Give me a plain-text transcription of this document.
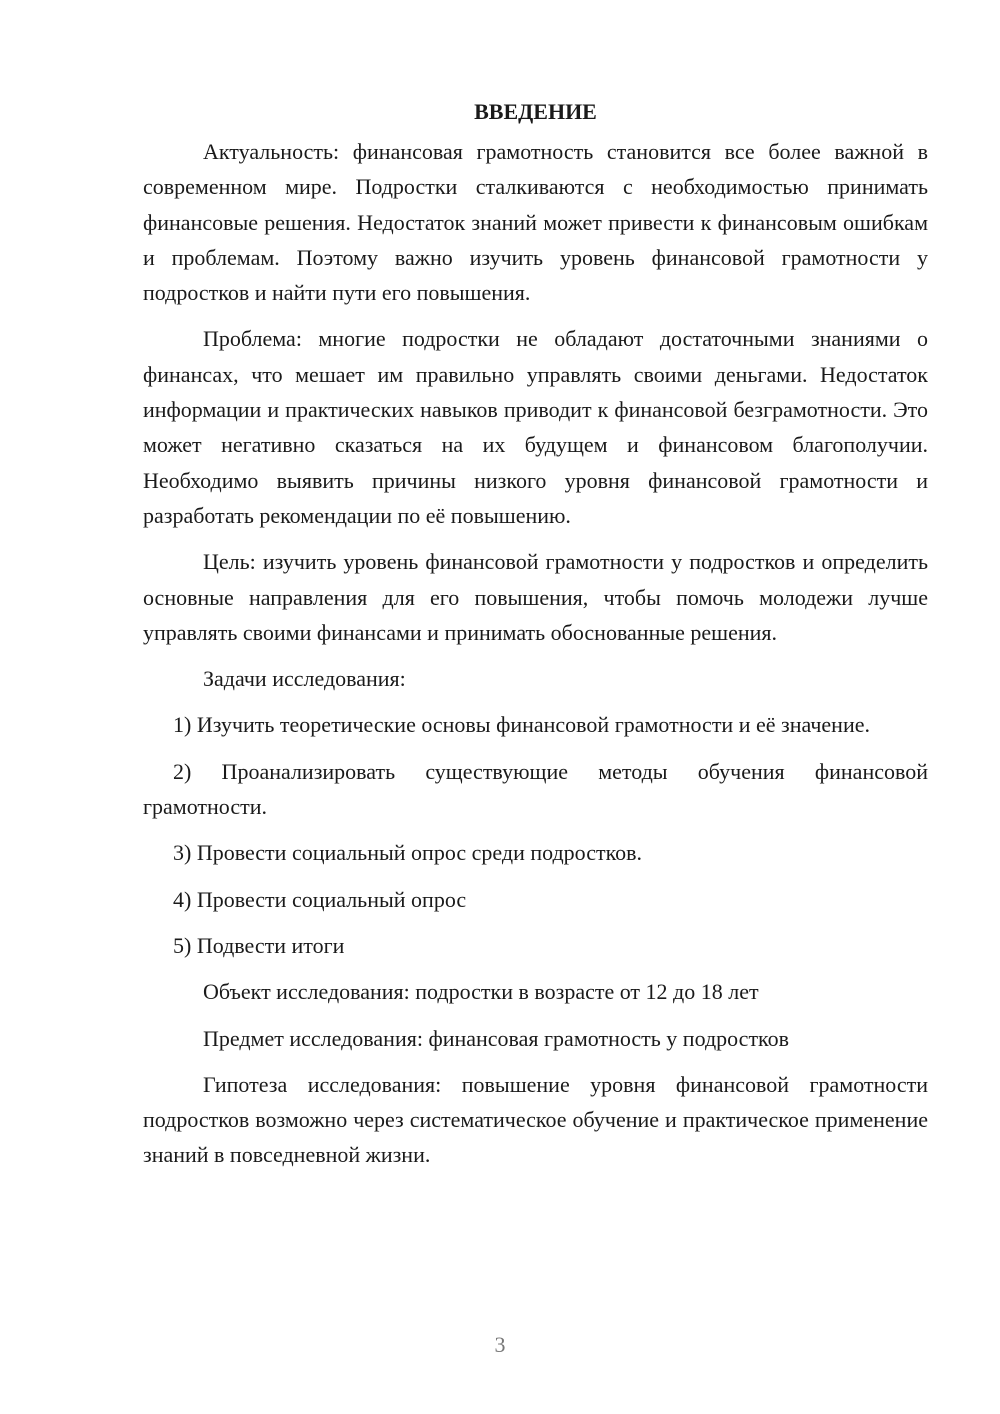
ВВЕДЕНИЕ

Актуальность: финансовая грамотность становится все более важной в современном мире. Подростки сталкиваются с необходимостью принимать финансовые решения. Недостаток знаний может привести к финансовым ошибкам и проблемам. Поэтому важно изучить уровень финансовой грамотности у подростков и найти пути его повышения.

Проблема: многие подростки не обладают достаточными знаниями о финансах, что мешает им правильно управлять своими деньгами. Недостаток информации и практических навыков приводит к финансовой безграмотности. Это может негативно сказаться на их будущем и финансовом благополучии. Необходимо выявить причины низкого уровня финансовой грамотности и разработать рекомендации по её повышению.

Цель: изучить уровень финансовой грамотности у подростков и определить основные направления для его повышения, чтобы помочь молодежи лучше управлять своими финансами и принимать обоснованные решения.

Задачи исследования:

1) Изучить теоретические основы финансовой грамотности и её значение.

2) Проанализировать существующие методы обучения финансовой грамотности.

3) Провести социальный опрос среди подростков.

4) Провести социальный опрос

5) Подвести итоги

Объект исследования: подростки в возрасте от 12 до 18 лет

Предмет исследования: финансовая грамотность у подростков

Гипотеза исследования: повышение уровня финансовой грамотности подростков возможно через систематическое обучение и практическое применение знаний в повседневной жизни.

3
